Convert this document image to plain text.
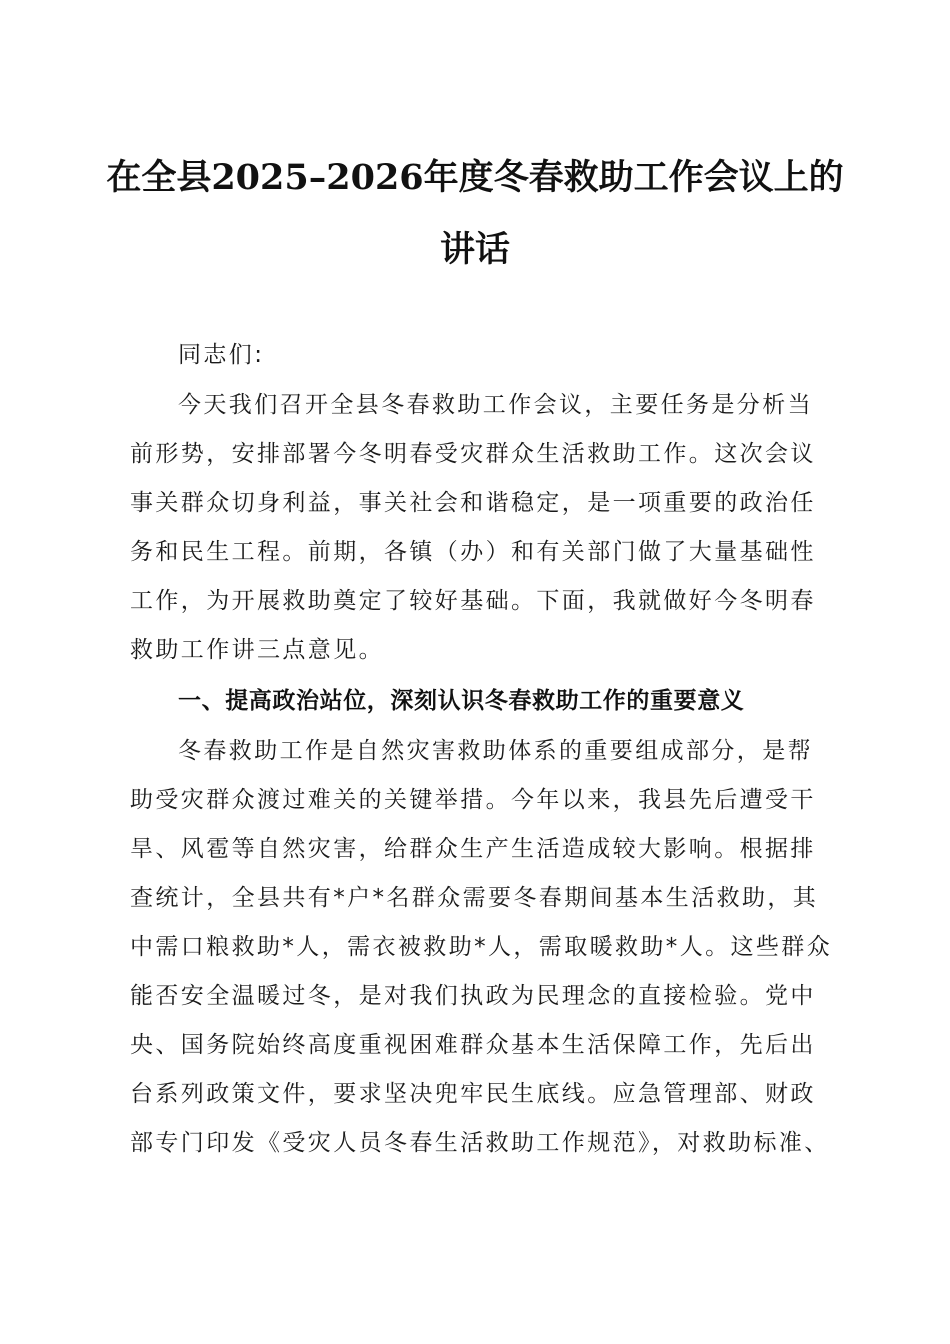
在全县2025–2026年度冬春救助工作会议上的
讲话
同志们:
今天我们召开全县冬春救助工作会议，主要任务是分析当
前形势，安排部署今冬明春受灾群众生活救助工作。这次会议
事关群众切身利益，事关社会和谐稳定，是一项重要的政治任
务和民生工程。前期，各镇（办）和有关部门做了大量基础性
工作，为开展救助奠定了较好基础。下面，我就做好今冬明春
救助工作讲三点意见。
一、提高政治站位，深刻认识冬春救助工作的重要意义
冬春救助工作是自然灾害救助体系的重要组成部分，是帮
助受灾群众渡过难关的关键举措。今年以来，我县先后遭受干
旱、风雹等自然灾害，给群众生产生活造成较大影响。根据排
查统计，全县共有*户*名群众需要冬春期间基本生活救助，其
中需口粮救助*人，需衣被救助*人，需取暖救助*人。这些群众
能否安全温暖过冬，是对我们执政为民理念的直接检验。党中
央、国务院始终高度重视困难群众基本生活保障工作，先后出
台系列政策文件，要求坚决兜牢民生底线。应急管理部、财政
部专门印发《受灾人员冬春生活救助工作规范》，对救助标准、
